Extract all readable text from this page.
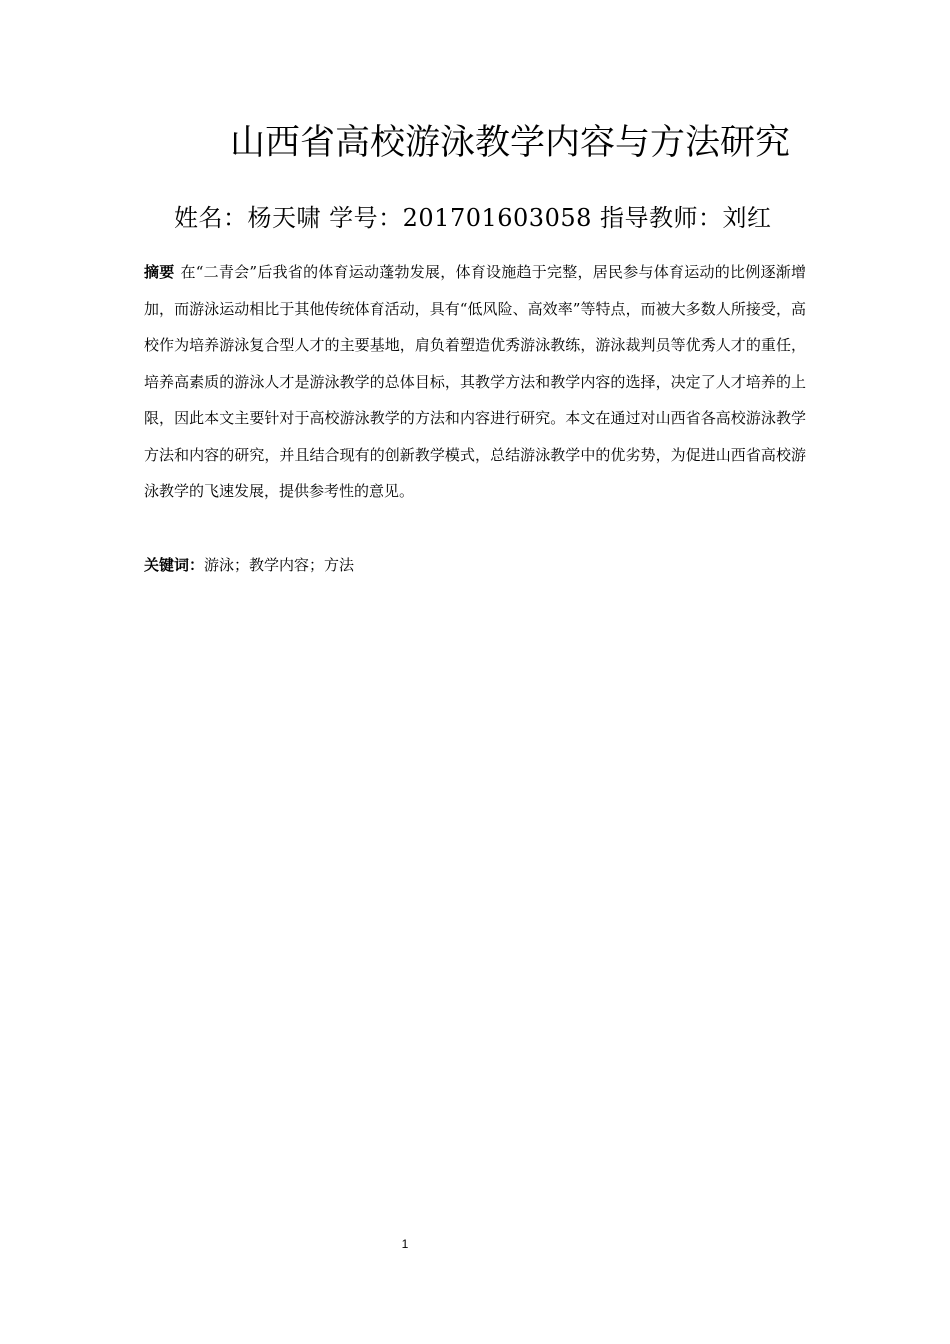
山西省高校游泳教学内容与方法研究
姓名：杨天啸 学号：201701603058 指导教师：刘红

摘要 在“二青会”后我省的体育运动蓬勃发展，体育设施趋于完整，居民参与体育运动的比例逐渐增加，而游泳运动相比于其他传统体育活动，具有“低风险、高效率”等特点，而被大多数人所接受，高校作为培养游泳复合型人才的主要基地，肩负着塑造优秀游泳教练，游泳裁判员等优秀人才的重任，培养高素质的游泳人才是游泳教学的总体目标，其教学方法和教学内容的选择，决定了人才培养的上限，因此本文主要针对于高校游泳教学的方法和内容进行研究。本文在通过对山西省各高校游泳教学方法和内容的研究，并且结合现有的创新教学模式，总结游泳教学中的优劣势，为促进山西省高校游泳教学的飞速发展，提供参考性的意见。

关键词：游泳；教学内容；方法
1
